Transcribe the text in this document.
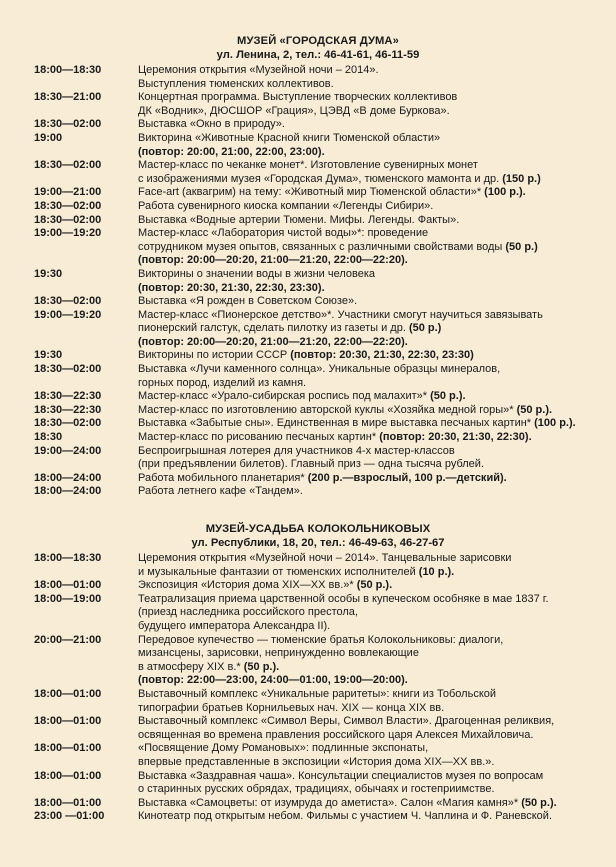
МУЗЕЙ «ГОРОДСКАЯ ДУМА»
ул. Ленина, 2, тел.: 46-41-61, 46-11-59
18:00—18:30	Церемония открытия «Музейной ночи – 2014».
Выступления тюменских коллективов.
18:30—21:00	Концертная программа. Выступление творческих коллективов
ДК «Водник», ДЮСШОР «Грация», ЦЭВД «В доме Буркова».
18:30—02:00	Выставка «Окно в природу».
19:00	Викторина «Животные Красной книги Тюменской области»
(повтор: 20:00, 21:00, 22:00, 23:00).
18:30—02:00	Мастер-класс по чеканке монет*. Изготовление сувенирных монет
с изображениями музея «Городская Дума», тюменского мамонта и др. (150 р.)
19:00—21:00	Face-art (аквагрим) на тему: «Животный мир Тюменской области»* (100 р.).
18:30—02:00	Работа сувенирного киоска компании «Легенды Сибири».
18:30—02:00	Выставка «Водные артерии Тюмени. Мифы. Легенды. Факты».
19:00—19:20	Мастер-класс «Лаборатория чистой воды»*: проведение
сотрудником музея опытов, связанных с различными свойствами воды (50 р.)
(повтор: 20:00—20:20, 21:00—21:20, 22:00—22:20).
19:30	Викторины о значении воды в жизни человека
(повтор: 20:30, 21:30, 22:30, 23:30).
18:30—02:00	Выставка «Я рожден в Советском Союзе».
19:00—19:20	Мастер-класс «Пионерское детство»*. Участники смогут научиться завязывать
пионерский галстук, сделать пилотку из газеты и др. (50 р.)
(повтор: 20:00—20:20, 21:00—21:20, 22:00—22:20).
19:30	Викторины по истории СССР (повтор: 20:30, 21:30, 22:30, 23:30)
18:30—02:00	Выставка «Лучи каменного солнца». Уникальные образцы минералов,
горных пород, изделий из камня.
18:30—22:30	Мастер-класс «Урало-сибирская роспись под малахит»* (50 р.).
18:30—22:30	Мастер-класс по изготовлению авторской куклы «Хозяйка медной горы»* (50 р.).
18:30—02:00	Выставка «Забытые сны». Единственная в мире выставка песчаных картин* (100 р.).
18:30	Мастер-класс по рисованию песчаных картин* (повтор: 20:30, 21:30, 22:30).
19:00—24:00	Беспроигрышная лотерея для участников 4-х мастер-классов
(при предъявлении билетов). Главный приз — одна тысяча рублей.
18:00—24:00	Работа мобильного планетария* (200 р.—взрослый, 100 р.—детский).
18:00—24:00	Работа летнего кафе «Тандем».
МУЗЕЙ-УСАДЬБА КОЛОКОЛЬНИКОВЫХ
ул. Республики, 18, 20, тел.: 46-49-63, 46-27-67
18:00—18:30	Церемония открытия «Музейной ночи – 2014». Танцевальные зарисовки
и музыкальные фантазии от тюменских исполнителей (10 р.).
18:00—01:00	Экспозиция «История дома XIX—XX вв.»* (50 р.).
18:00—19:00	Театрализация приема царственной особы в купеческом особняке в мае 1837 г.
(приезд наследника российского престола,
будущего императора Александра II).
20:00—21:00	Передовое купечество — тюменские братья Колокольниковы: диалоги,
мизансцены, зарисовки, непринужденно вовлекающие
в атмосферу XIX в.* (50 р.).
(повтор: 22:00—23:00, 24:00—01:00, 19:00—20:00).
18:00—01:00	Выставочный комплекс «Уникальные раритеты»: книги из Тобольской
типографии братьев Корнильевых нач. XIX — конца XIX вв.
18:00—01:00	Выставочный комплекс «Символ Веры, Символ Власти». Драгоценная реликвия,
освященная во времена правления российского царя Алексея Михайловича.
18:00—01:00	«Посвящение Дому Романовых»: подлинные экспонаты,
впервые представленные в экспозиции «История дома XIX—XX вв.».
18:00—01:00	Выставка «Заздравная чаша». Консультации специалистов музея по вопросам
о старинных русских обрядах, традициях, обычаях и гостеприимстве.
18:00—01:00	Выставка «Самоцветы: от изумруда до аметиста». Салон «Магия камня»* (50 р.).
23:00 —01:00	Кинотеатр под открытым небом. Фильмы с участием Ч. Чаплина и Ф. Раневской.
